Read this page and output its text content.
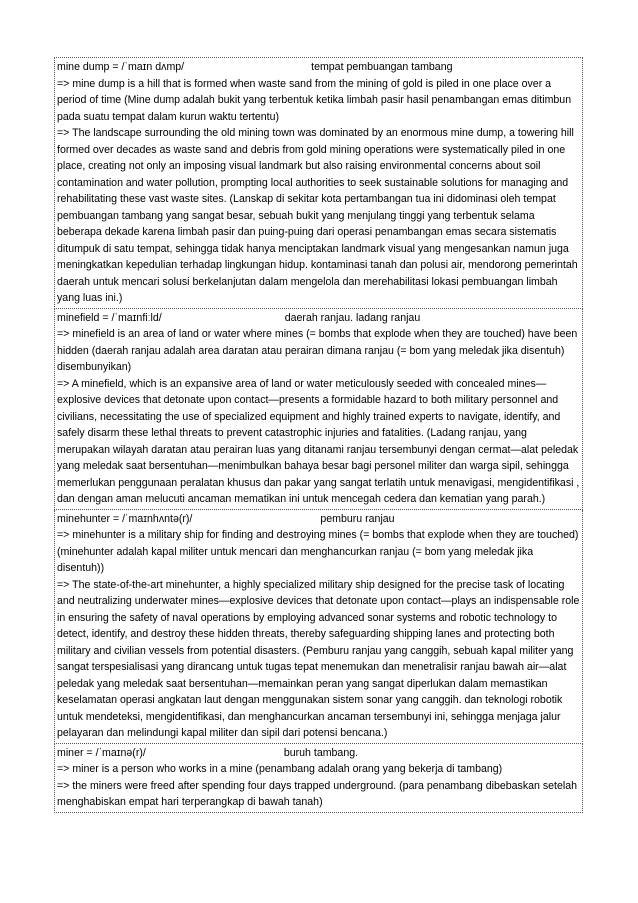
mine dump = /ˈmaɪn dʌmp/	tempat pembuangan tambang

=> mine dump is a hill that is formed when waste sand from the mining of gold is piled in one place over a period of time (Mine dump adalah bukit yang terbentuk ketika limbah pasir hasil penambangan emas ditimbun pada suatu tempat dalam kurun waktu tertentu)

=> The landscape surrounding the old mining town was dominated by an enormous mine dump, a towering hill formed over decades as waste sand and debris from gold mining operations were systematically piled in one place, creating not only an imposing visual landmark but also raising environmental concerns about soil contamination and water pollution, prompting local authorities to seek sustainable solutions for managing and rehabilitating these vast waste sites. (Lanskap di sekitar kota pertambangan tua ini didominasi oleh tempat pembuangan tambang yang sangat besar, sebuah bukit yang menjulang tinggi yang terbentuk selama beberapa dekade karena limbah pasir dan puing-puing dari operasi penambangan emas secara sistematis ditumpuk di satu tempat, sehingga tidak hanya menciptakan landmark visual yang mengesankan namun juga meningkatkan kepedulian terhadap lingkungan hidup. kontaminasi tanah dan polusi air, mendorong pemerintah daerah untuk mencari solusi berkelanjutan dalam mengelola dan merehabilitasi lokasi pembuangan limbah yang luas ini.)

minefield = /ˈmaɪnfiːld/	daerah ranjau. ladang ranjau

=> minefield is an area of land or water where mines (= bombs that explode when they are touched) have been hidden (daerah ranjau adalah area daratan atau perairan dimana ranjau (= bom yang meledak jika disentuh) disembunyikan)

=> A minefield, which is an expansive area of land or water meticulously seeded with concealed mines—explosive devices that detonate upon contact—presents a formidable hazard to both military personnel and civilians, necessitating the use of specialized equipment and highly trained experts to navigate, identify, and safely disarm these lethal threats to prevent catastrophic injuries and fatalities. (Ladang ranjau, yang merupakan wilayah daratan atau perairan luas yang ditanami ranjau tersembunyi dengan cermat—alat peledak yang meledak saat bersentuhan—menimbulkan bahaya besar bagi personel militer dan warga sipil, sehingga memerlukan penggunaan peralatan khusus dan pakar yang sangat terlatih untuk menavigasi, mengidentifikasi , dan dengan aman melucuti ancaman mematikan ini untuk mencegah cedera dan kematian yang parah.)

minehunter = /ˈmaɪnhʌntə(r)/	pemburu ranjau

=> minehunter is a military ship for finding and destroying mines (= bombs that explode when they are touched) (minehunter adalah kapal militer untuk mencari dan menghancurkan ranjau (= bom yang meledak jika disentuh))

=> The state-of-the-art minehunter, a highly specialized military ship designed for the precise task of locating and neutralizing underwater mines—explosive devices that detonate upon contact—plays an indispensable role in ensuring the safety of naval operations by employing advanced sonar systems and robotic technology to detect, identify, and destroy these hidden threats, thereby safeguarding shipping lanes and protecting both military and civilian vessels from potential disasters. (Pemburu ranjau yang canggih, sebuah kapal militer yang sangat terspesialisasi yang dirancang untuk tugas tepat menemukan dan menetralisir ranjau bawah air—alat peledak yang meledak saat bersentuhan—memainkan peran yang sangat diperlukan dalam memastikan keselamatan operasi angkatan laut dengan menggunakan sistem sonar yang canggih. dan teknologi robotik untuk mendeteksi, mengidentifikasi, dan menghancurkan ancaman tersembunyi ini, sehingga menjaga jalur pelayaran dan melindungi kapal militer dan sipil dari potensi bencana.)

miner = /ˈmaɪnə(r)/	buruh tambang.

=> miner is a person who works in a mine (penambang adalah orang yang bekerja di tambang)

=> the miners were freed after spending four days trapped underground. (para penambang dibebaskan setelah menghabiskan empat hari terperangkap di bawah tanah)
